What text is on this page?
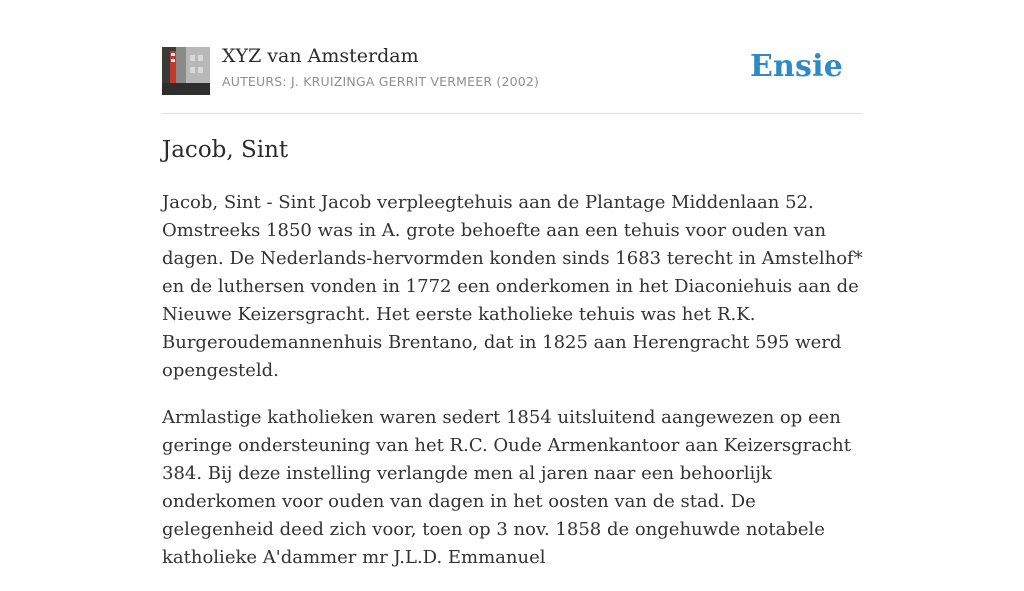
XYZ van Amsterdam
AUTEURS: J. KRUIZINGA GERRIT VERMEER (2002)	Ensie
Jacob, Sint

Jacob, Sint - Sint Jacob verpleegtehuis aan de Plantage Middenlaan 52. Omstreeks 1850 was in A. grote behoefte aan een tehuis voor ouden van dagen. De Nederlands-hervormden konden sinds 1683 terecht in Amstelhof* en de luthersen vonden in 1772 een onderkomen in het Diaconiehuis aan de Nieuwe Keizersgracht. Het eerste katholieke tehuis was het R.K. Burgeroudemannenhuis Brentano, dat in 1825 aan Herengracht 595 werd opengesteld.

Armlastige katholieken waren sedert 1854 uitsluitend aangewezen op een geringe ondersteuning van het R.C. Oude Armenkantoor aan Keizersgracht 384. Bij deze instelling verlangde men al jaren naar een behoorlijk onderkomen voor ouden van dagen in het oosten van de stad. De gelegenheid deed zich voor, toen op 3 nov. 1858 de ongehuwde notabele katholieke A'dammer mr J.L.D. Emmanuel
